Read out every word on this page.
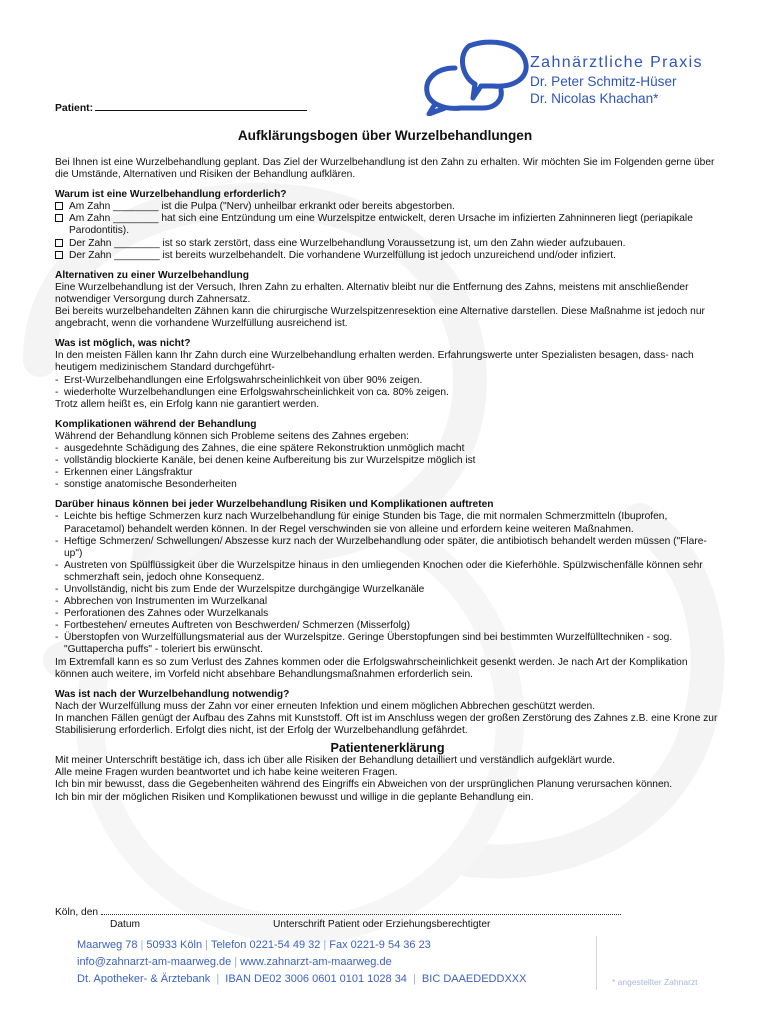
Zahnärztliche Praxis
Dr. Peter Schmitz-Hüser
Dr. Nicolas Khachan*
Patient:
Aufklärungsbogen über Wurzelbehandlungen

Bei Ihnen ist eine Wurzelbehandlung geplant. Das Ziel der Wurzelbehandlung ist den Zahn zu erhalten. Wir möchten Sie im Folgenden gerne über die Umstände, Alternativen und Risiken der Behandlung aufklären.

Warum ist eine Wurzelbehandlung erforderlich?

Am Zahn ________ ist die Pulpa ("Nerv) unheilbar erkrankt oder bereits abgestorben.
Am Zahn ________ hat sich eine Entzündung um eine Wurzelspitze entwickelt, deren Ursache im infizierten Zahninneren liegt (periapikale Parodontitis).
Der Zahn ________ ist so stark zerstört, dass eine Wurzelbehandlung Voraussetzung ist, um den Zahn wieder aufzubauen.
Der Zahn ________ ist bereits wurzelbehandelt. Die vorhandene Wurzelfüllung ist jedoch unzureichend und/oder infiziert.

Alternativen zu einer Wurzelbehandlung

Eine Wurzelbehandlung ist der Versuch, Ihren Zahn zu erhalten. Alternativ bleibt nur die Entfernung des Zahns, meistens mit anschließender notwendiger Versorgung durch Zahnersatz.

Bei bereits wurzelbehandelten Zähnen kann die chirurgische Wurzelspitzenresektion eine Alternative darstellen. Diese Maßnahme ist jedoch nur angebracht, wenn die vorhandene Wurzelfüllung ausreichend ist.

Was ist möglich, was nicht?

In den meisten Fällen kann Ihr Zahn durch eine Wurzelbehandlung erhalten werden. Erfahrungswerte unter Spezialisten besagen, dass- nach heutigem medizinischem Standard durchgeführt-

- Erst-Wurzelbehandlungen eine Erfolgswahrscheinlichkeit von über 90% zeigen.
- wiederholte Wurzelbehandlungen eine Erfolgswahrscheinlichkeit von ca. 80% zeigen.

Trotz allem heißt es, ein Erfolg kann nie garantiert werden.

Komplikationen während der Behandlung

Während der Behandlung können sich Probleme seitens des Zahnes ergeben:

- ausgedehnte Schädigung des Zahnes, die eine spätere Rekonstruktion unmöglich macht
- vollständig blockierte Kanäle, bei denen keine Aufbereitung bis zur Wurzelspitze möglich ist
- Erkennen einer Längsfraktur
- sonstige anatomische Besonderheiten

Darüber hinaus können bei jeder Wurzelbehandlung Risiken und Komplikationen auftreten

- Leichte bis heftige Schmerzen kurz nach Wurzelbehandlung für einige Stunden bis Tage, die mit normalen Schmerzmitteln (Ibuprofen, Paracetamol) behandelt werden können. In der Regel verschwinden sie von alleine und erfordern keine weiteren Maßnahmen.
- Heftige Schmerzen/ Schwellungen/ Abszesse kurz nach der Wurzelbehandlung oder später, die antibiotisch behandelt werden müssen ("Flare-up")
- Austreten von Spülflüssigkeit über die Wurzelspitze hinaus in den umliegenden Knochen oder die Kieferhöhle. Spülzwischenfälle können sehr schmerzhaft sein, jedoch ohne Konsequenz.
- Unvollständig, nicht bis zum Ende der Wurzelspitze durchgängige Wurzelkanäle
- Abbrechen von Instrumenten im Wurzelkanal
- Perforationen des Zahnes oder Wurzelkanals
- Fortbestehen/ erneutes Auftreten von Beschwerden/ Schmerzen (Misserfolg)
- Überstopfen von Wurzelfüllungsmaterial aus der Wurzelspitze. Geringe Überstopfungen sind bei bestimmten Wurzelfülltechniken - sog. "Guttapercha puffs" - toleriert bis erwünscht.

Im Extremfall kann es so zum Verlust des Zahnes kommen oder die Erfolgswahrscheinlichkeit gesenkt werden. Je nach Art der Komplikation können auch weitere, im Vorfeld nicht absehbare Behandlungsmaßnahmen erforderlich sein.

Was ist nach der Wurzelbehandlung notwendig?

Nach der Wurzelfüllung muss der Zahn vor einer erneuten Infektion und einem möglichen Abbrechen geschützt werden.

In manchen Fällen genügt der Aufbau des Zahns mit Kunststoff. Oft ist im Anschluss wegen der großen Zerstörung des Zahnes z.B. eine Krone zur Stabilisierung erforderlich. Erfolgt dies nicht, ist der Erfolg der Wurzelbehandlung gefährdet.

Patientenerklärung

Mit meiner Unterschrift bestätige ich, dass ich über alle Risiken der Behandlung detailliert und verständlich aufgeklärt wurde.

Alle meine Fragen wurden beantwortet und ich habe keine weiteren Fragen.

Ich bin mir bewusst, dass die Gegebenheiten während des Eingriffs ein Abweichen von der ursprünglichen Planung verursachen können.

Ich bin mir der möglichen Risiken und Komplikationen bewusst und willige in die geplante Behandlung ein.

Köln, den
Datum	Unterschrift Patient oder Erziehungsberechtigter
Maarweg 78 | 50933 Köln | Telefon 0221-54 49 32 | Fax 0221-9 54 36 23
info@zahnarzt-am-maarweg.de | www.zahnarzt-am-maarweg.de
Dt. Apotheker- & Ärztebank | IBAN DE02 3006 0601 0101 1028 34 | BIC DAAEDEDDXXX	* angestellter Zahnarzt
